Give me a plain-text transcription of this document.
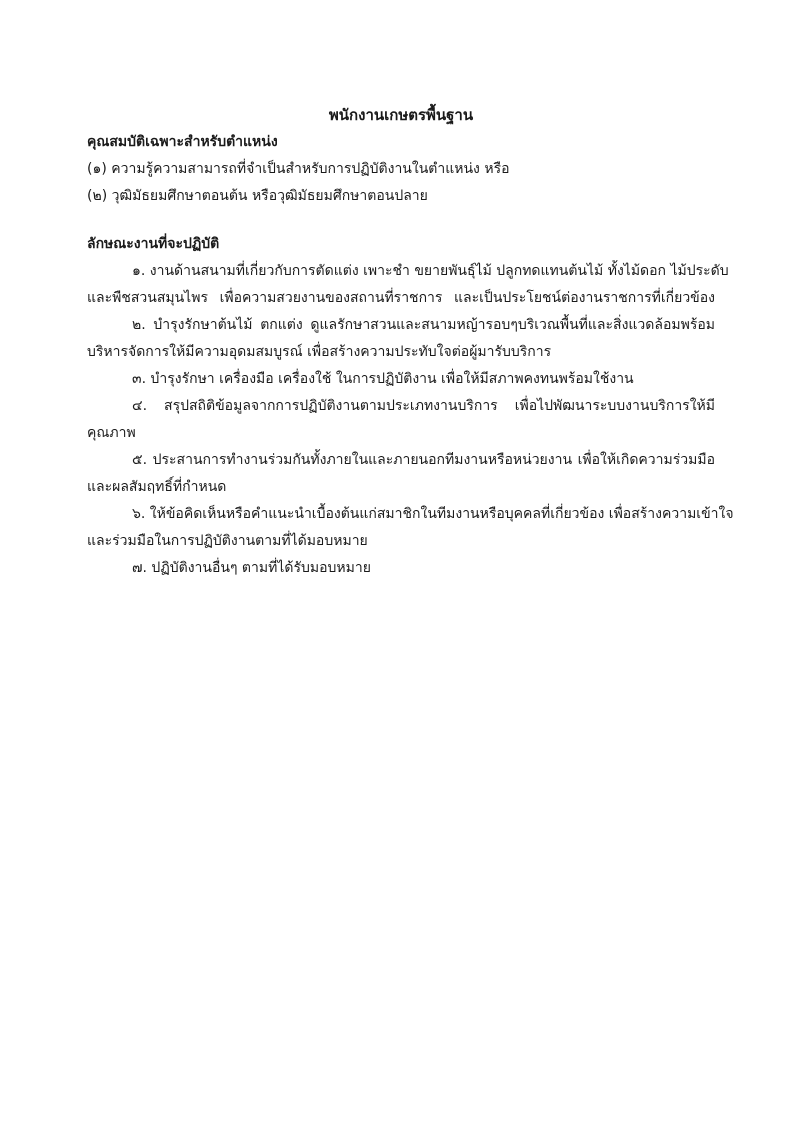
พนักงานเกษตรพื้นฐาน
คุณสมบัติเฉพาะสำหรับตำแหน่ง
(๑) ความรู้ความสามารถที่จำเป็นสำหรับการปฏิบัติงานในตำแหน่ง หรือ
(๒) วุฒิมัธยมศึกษาตอนต้น หรือวุฒิมัธยมศึกษาตอนปลาย
ลักษณะงานที่จะปฏิบัติ
๑. งานด้านสนามที่เกี่ยวกับการตัดแต่ง เพาะชำ ขยายพันธุ์ไม้ ปลูกทดแทนต้นไม้ ทั้งไม้ดอก ไม้ประดับ
และพืชสวนสมุนไพร เพื่อความสวยงานของสถานที่ราชการ และเป็นประโยชน์ต่องานราชการที่เกี่ยวข้อง
๒. บำรุงรักษาต้นไม้ ตกแต่ง ดูแลรักษาสวนและสนามหญ้ารอบๆบริเวณพื้นที่และสิ่งแวดล้อมพร้อม
บริหารจัดการให้มีความอุดมสมบูรณ์ เพื่อสร้างความประทับใจต่อผู้มารับบริการ
๓. บำรุงรักษา เครื่องมือ เครื่องใช้ ในการปฏิบัติงาน เพื่อให้มีสภาพคงทนพร้อมใช้งาน
๔. สรุปสถิติข้อมูลจากการปฏิบัติงานตามประเภทงานบริการ เพื่อไปพัฒนาระบบงานบริการให้มี
คุณภาพ
๕. ประสานการทำงานร่วมกันทั้งภายในและภายนอกทีมงานหรือหน่วยงาน เพื่อให้เกิดความร่วมมือ
และผลสัมฤทธิ์ที่กำหนด
๖. ให้ข้อคิดเห็นหรือคำแนะนำเบื้องต้นแก่สมาชิกในทีมงานหรือบุคคลที่เกี่ยวข้อง เพื่อสร้างความเข้าใจ
และร่วมมือในการปฏิบัติงานตามที่ได้มอบหมาย
๗. ปฏิบัติงานอื่นๆ ตามที่ได้รับมอบหมาย
